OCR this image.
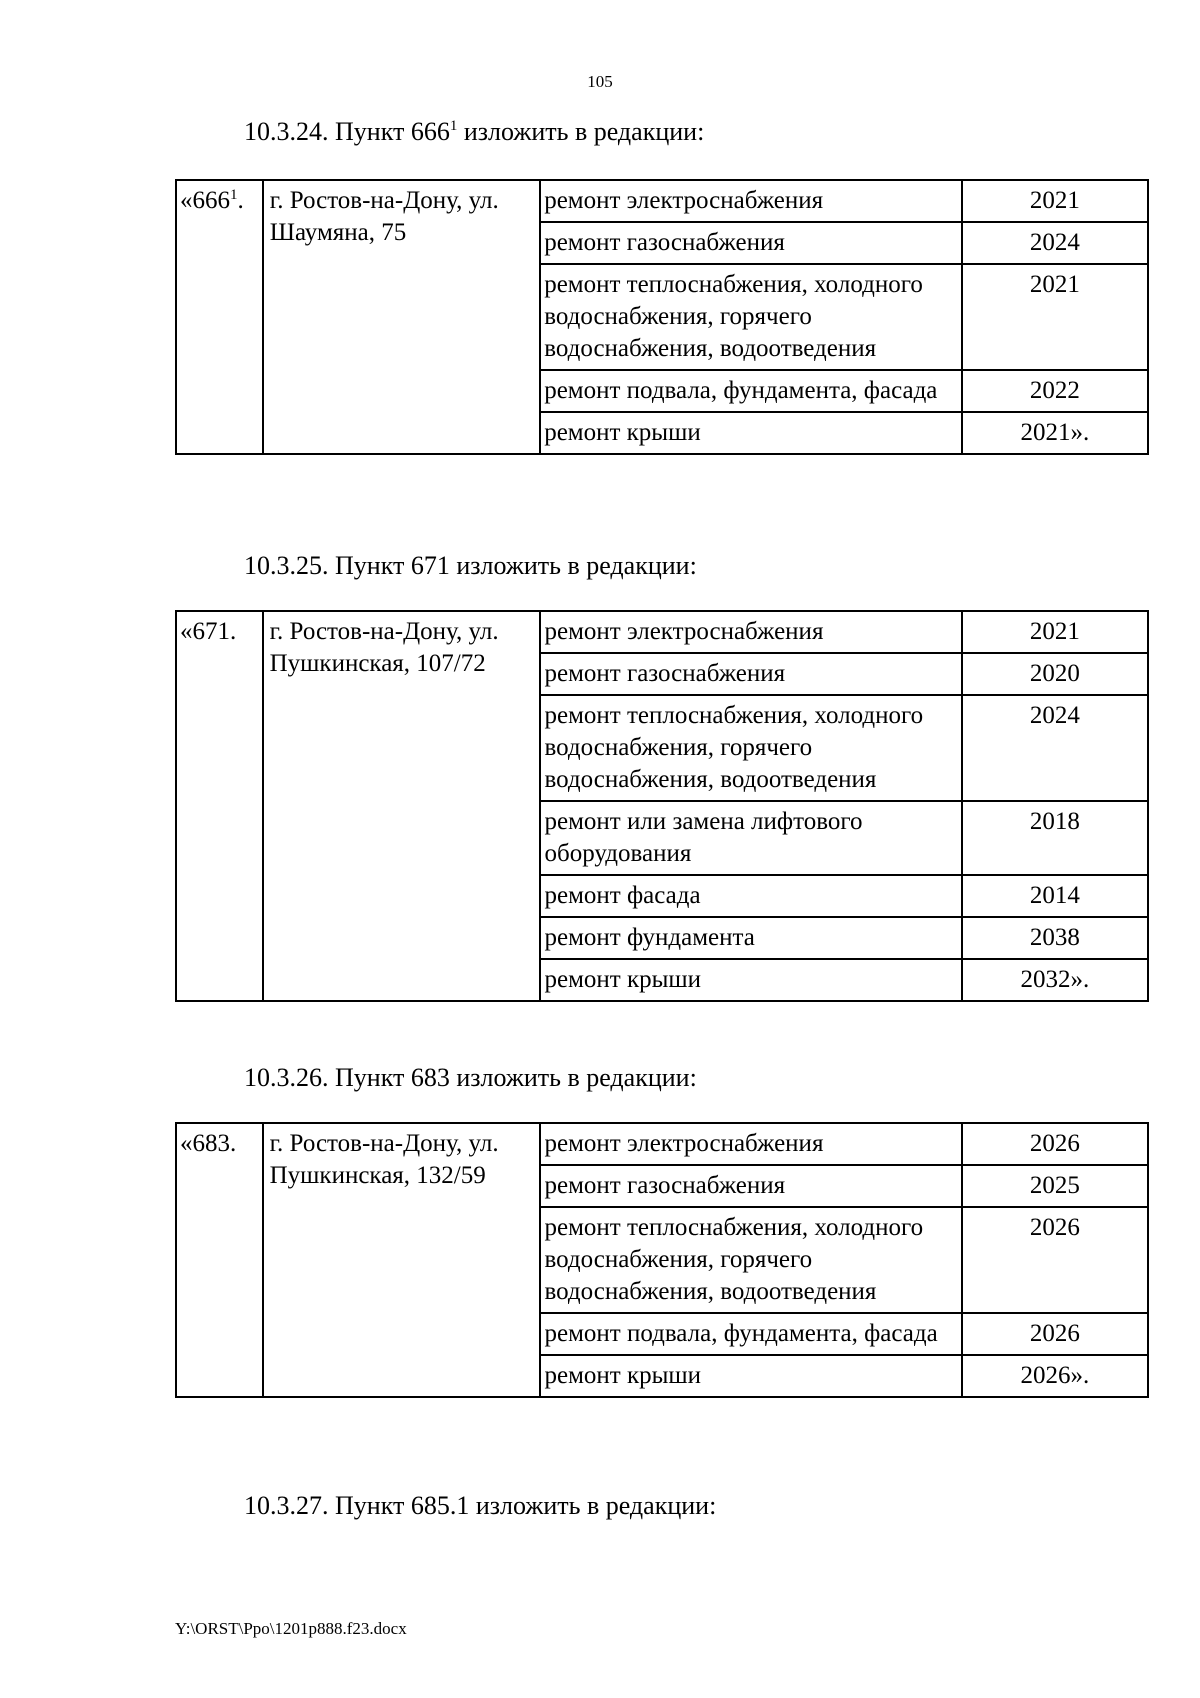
105
10.3.24. Пункт $666^1$ изложить в редакции:
«$666^1$.	г. Ростов-на-Дону, ул. Шаумяна, 75	ремонт электроснабжения	2021
		ремонт газоснабжения	2024
		ремонт теплоснабжения, холодного водоснабжения, горячего водоснабжения, водоотведения	2021
		ремонт подвала, фундамента, фасада	2022
		ремонт крыши	2021».
10.3.25. Пункт 671 изложить в редакции:
«671.	г. Ростов-на-Дону, ул. Пушкинская, 107/72	ремонт электроснабжения	2021
		ремонт газоснабжения	2020
		ремонт теплоснабжения, холодного водоснабжения, горячего водоснабжения, водоотведения	2024
		ремонт или замена лифтового оборудования	2018
		ремонт фасада	2014
		ремонт фундамента	2038
		ремонт крыши	2032».
10.3.26. Пункт 683 изложить в редакции:
«683.	г. Ростов-на-Дону, ул. Пушкинская, 132/59	ремонт электроснабжения	2026
		ремонт газоснабжения	2025
		ремонт теплоснабжения, холодного водоснабжения, горячего водоснабжения, водоотведения	2026
		ремонт подвала, фундамента, фасада	2026
		ремонт крыши	2026».
10.3.27. Пункт 685.1 изложить в редакции:
Y:\ORST\Ppo\1201p888.f23.docx
